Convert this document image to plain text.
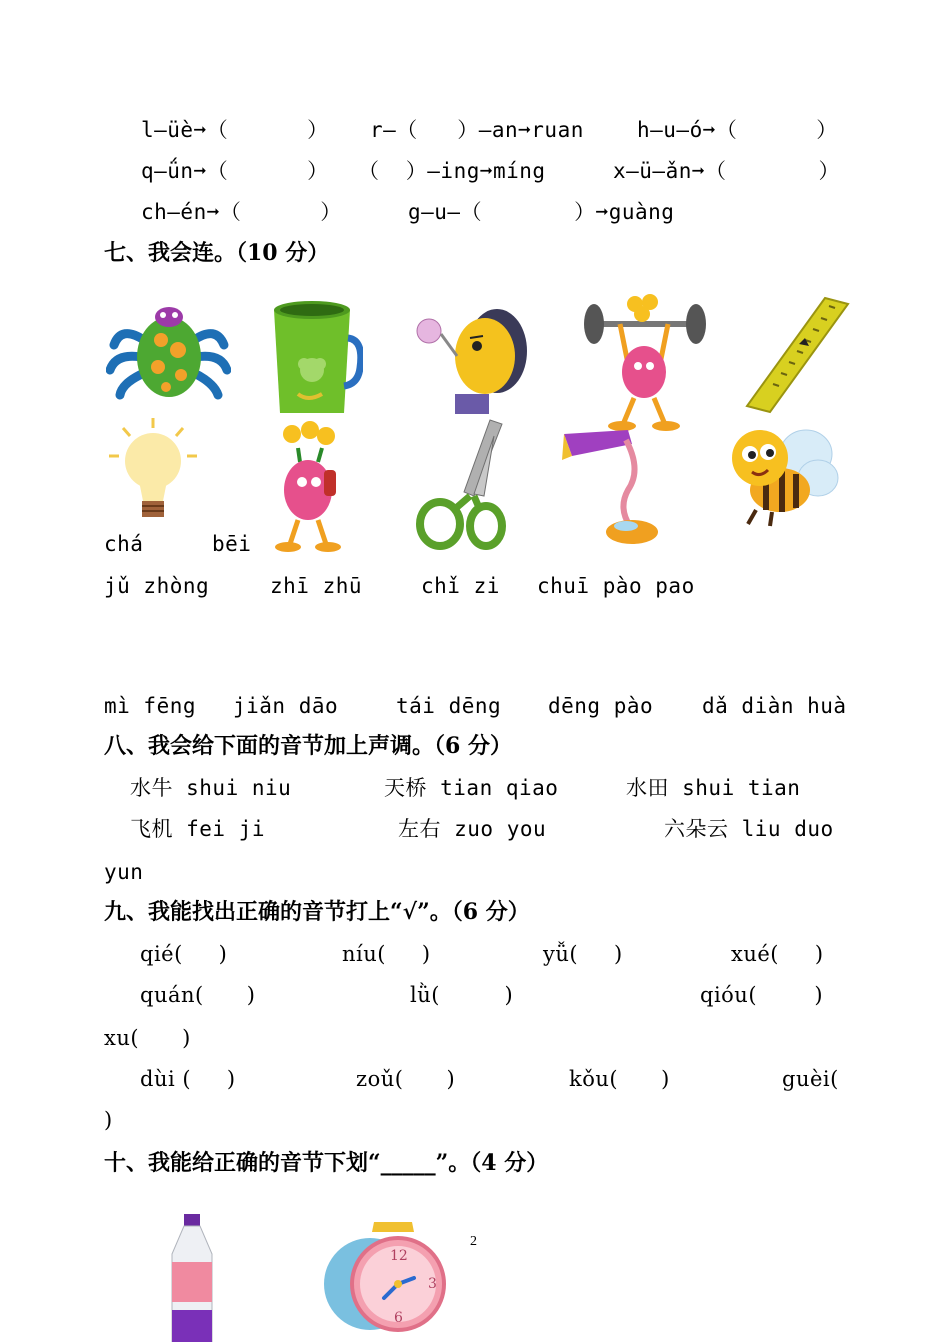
l—üè➞（      ） r—（   ）—an➞ruan	h—u—ó➞（      ）
q—ǘn➞（      ） （  ）—ing➞míng	x—ü—ǎn➞（       ）
ch—én➞（      ）	g—u—（       ）➞guàng
七、我会连。（10 分）
chá	bēi
jǔ zhòng	zhī zhū	chǐ zi chuī pào pao
mì fēng jiǎn dāo	tái dēng dēng pào dǎ diàn huà
八、我会给下面的音节加上声调。（6 分）
水牛 shui niu	天桥 tian qiao	水田 shui tian
飞机 fei ji	左右 zuo you	六朵云 liu duo
yun
九、我能找出正确的音节打上“√”。（6 分）
qié(     )	níu(     )	yǚ(     )	xué(     )
quán(      )	lǜ(         )	qióu(        )
xu(      )
dùi (     )	zoǔ(      )	kǒu(      )	guèi(
)
十、我能给正确的音节下划“_____”。（4 分）
12
3
6
2
